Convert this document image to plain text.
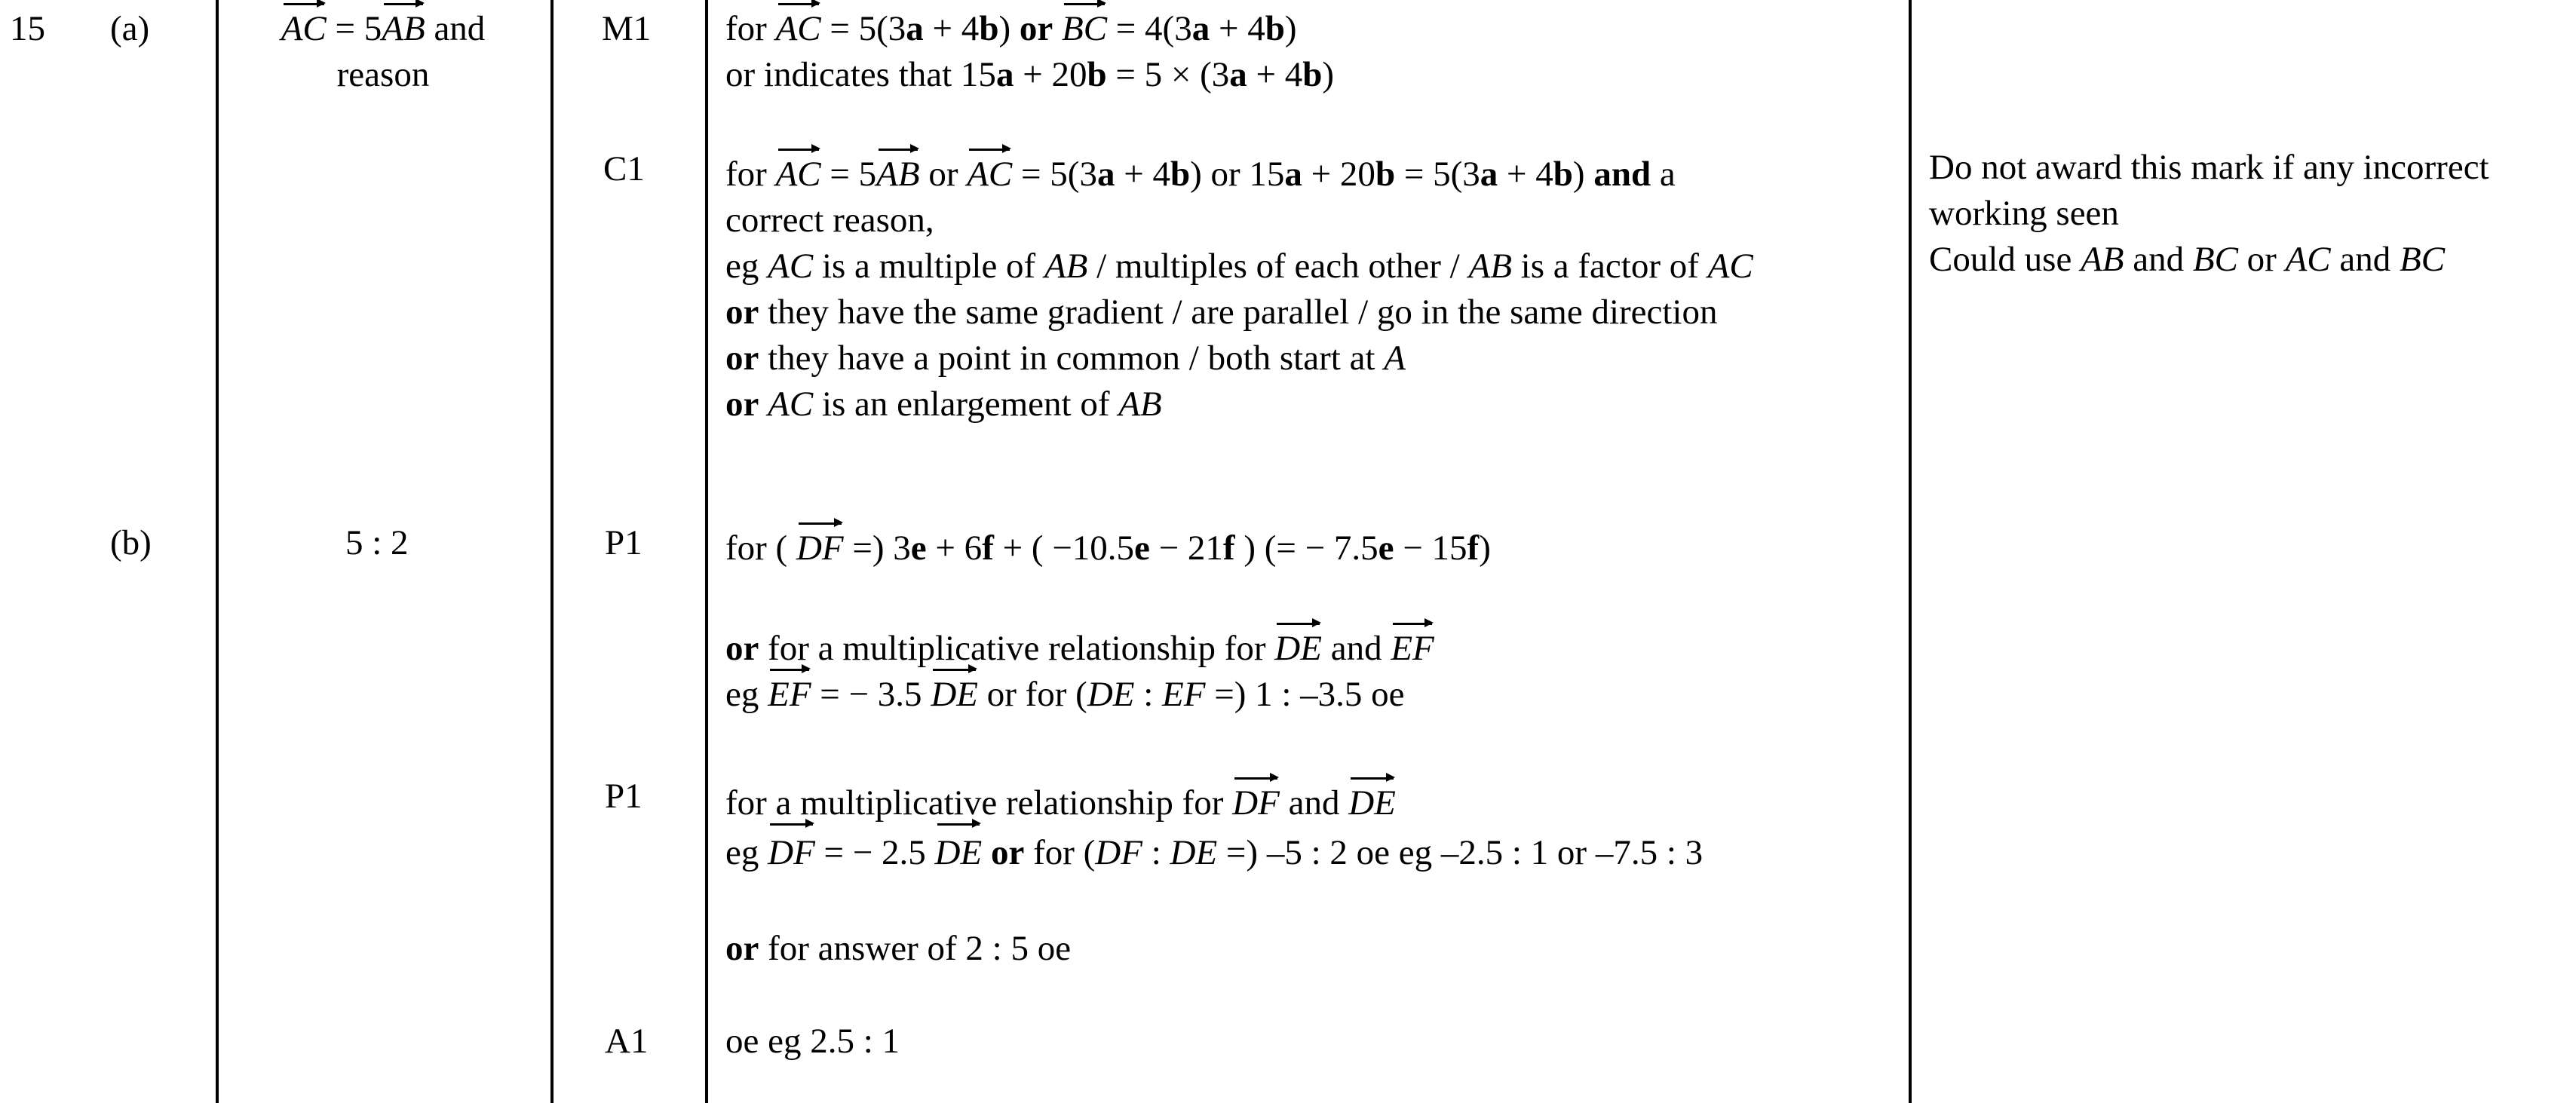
15 (a)
(b)
AC = 5AB and
reason
5 : 2
M1
C1
P1
P1
A1
for AC = 5(3a + 4b) or BC = 4(3a + 4b)
or indicates that 15a + 20b = 5 × (3a + 4b)
for AC = 5AB or AC = 5(3a + 4b) or 15a + 20b = 5(3a + 4b) and a
correct reason,
eg AC is a multiple of AB / multiples of each other / AB is a factor of AC
or they have the same gradient / are parallel / go in the same direction
or they have a point in common / both start at A
or AC is an enlargement of AB
for ( DF =) 3e + 6f + ( −10.5e − 21f ) (= − 7.5e − 15f)
or for a multiplicative relationship for DE and EF
eg EF = − 3.5 DE or for (DE : EF =) 1 : –3.5 oe
for a multiplicative relationship for DF and DE
eg DF = − 2.5 DE or for (DF : DE =) –5 : 2 oe eg –2.5 : 1 or –7.5 : 3
or for answer of 2 : 5 oe
oe eg 2.5 : 1
Do not award this mark if any incorrect
working seen
Could use AB and BC or AC and BC
